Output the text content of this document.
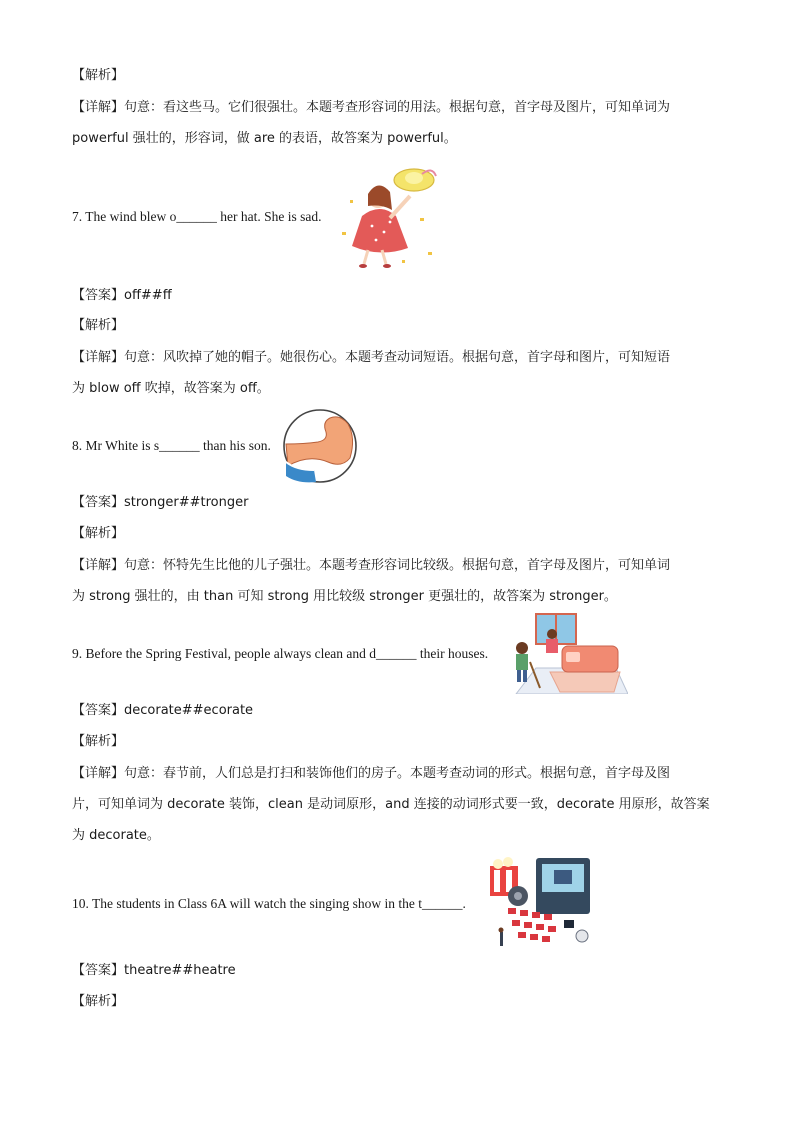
【解析】
【详解】句意：看这些马。它们很强壮。本题考查形容词的用法。根据句意，首字母及图片，可知单词为
powerful 强壮的，形容词，做 are 的表语，故答案为 powerful。
7. The wind blew o______ her hat. She is sad.
【答案】off##ff
【解析】
【详解】句意：风吹掉了她的帽子。她很伤心。本题考查动词短语。根据句意，首字母和图片，可知短语
为 blow off 吹掉，故答案为 off。
8. Mr White is s______ than his son.
【答案】stronger##tronger
【解析】
【详解】句意：怀特先生比他的儿子强壮。本题考查形容词比较级。根据句意，首字母及图片，可知单词
为 strong 强壮的，由 than 可知 strong 用比较级 stronger 更强壮的，故答案为 stronger。
9. Before the Spring Festival, people always clean and d______ their houses.
【答案】decorate##ecorate
【解析】
【详解】句意：春节前，人们总是打扫和装饰他们的房子。本题考查动词的形式。根据句意，首字母及图
片，可知单词为 decorate 装饰，clean 是动词原形，and 连接的动词形式要一致，decorate 用原形，故答案
为 decorate。
10. The students in Class 6A will watch the singing show in the t______.
【答案】theatre##heatre
【解析】
